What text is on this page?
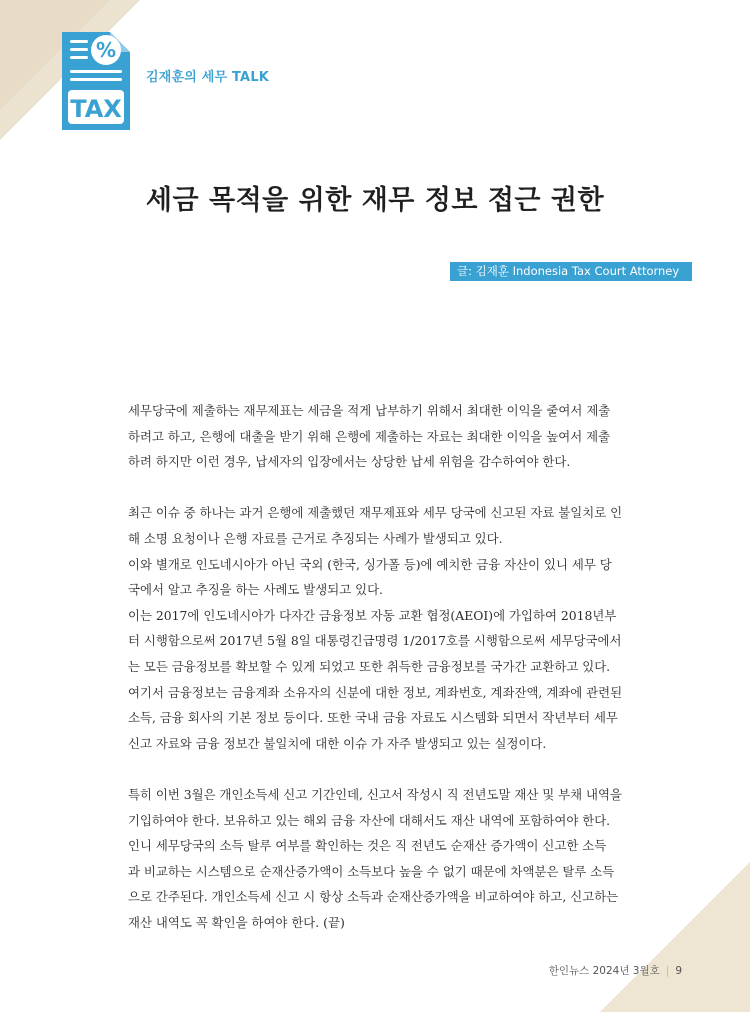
%
TAX
김재훈의 세무 TALK
세금 목적을 위한 재무 정보 접근 권한
글: 김재훈 Indonesia Tax Court Attorney

세무당국에 제출하는 재무제표는 세금을 적게 납부하기 위해서 최대한 이익을 줄여서 제출
하려고 하고, 은행에 대출을 받기 위해 은행에 제출하는 자료는 최대한 이익을 높여서 제출
하려 하지만 이런 경우, 납세자의 입장에서는 상당한 납세 위험을 감수하여야 한다.

최근 이슈 중 하나는 과거 은행에 제출했던 재무제표와 세무 당국에 신고된 자료 불일치로 인
해 소명 요청이나 은행 자료를 근거로 추징되는 사례가 발생되고 있다.
이와 별개로 인도네시아가 아닌 국외 (한국, 싱가폴 등)에 예치한 금융 자산이 있니 세무 당
국에서 알고 추징을 하는 사례도 발생되고 있다.
이는 2017에 인도네시아가 다자간 금융정보 자동 교환 협정(AEOI)에 가입하여 2018년부
터 시행함으로써 2017년 5월 8일 대통령긴급명령 1/2017호를 시행함으로써 세무당국에서
는 모든 금융정보를 확보할 수 있게 되었고 또한 취득한 금융정보를 국가간 교환하고 있다.
여기서 금융정보는 금융계좌 소유자의 신분에 대한 정보, 계좌번호, 계좌잔액, 계좌에 관련된
소득, 금융 회사의 기본 정보 등이다. 또한 국내 금융 자료도 시스템화 되면서 작년부터 세무
신고 자료와 금융 정보간 불일치에 대한 이슈 가 자주 발생되고 있는 실정이다.

특히 이번 3월은 개인소득세 신고 기간인데, 신고서 작성시 직 전년도말 재산 및 부채 내역을
기입하여야 한다. 보유하고 있는 해외 금융 자산에 대해서도 재산 내역에 포함하여야 한다.
인니 세무당국의 소득 탈루 여부를 확인하는 것은 직 전년도 순재산 증가액이 신고한 소득
과 비교하는 시스템으로 순재산증가액이 소득보다 높을 수 없기 때문에 차액분은 탈루 소득
으로 간주된다. 개인소득세 신고 시 항상 소득과 순재산증가액을 비교하여야 하고, 신고하는
재산 내역도 꼭 확인을 하여야 한다. (끝)

한인뉴스 2024년 3월호 | 9
